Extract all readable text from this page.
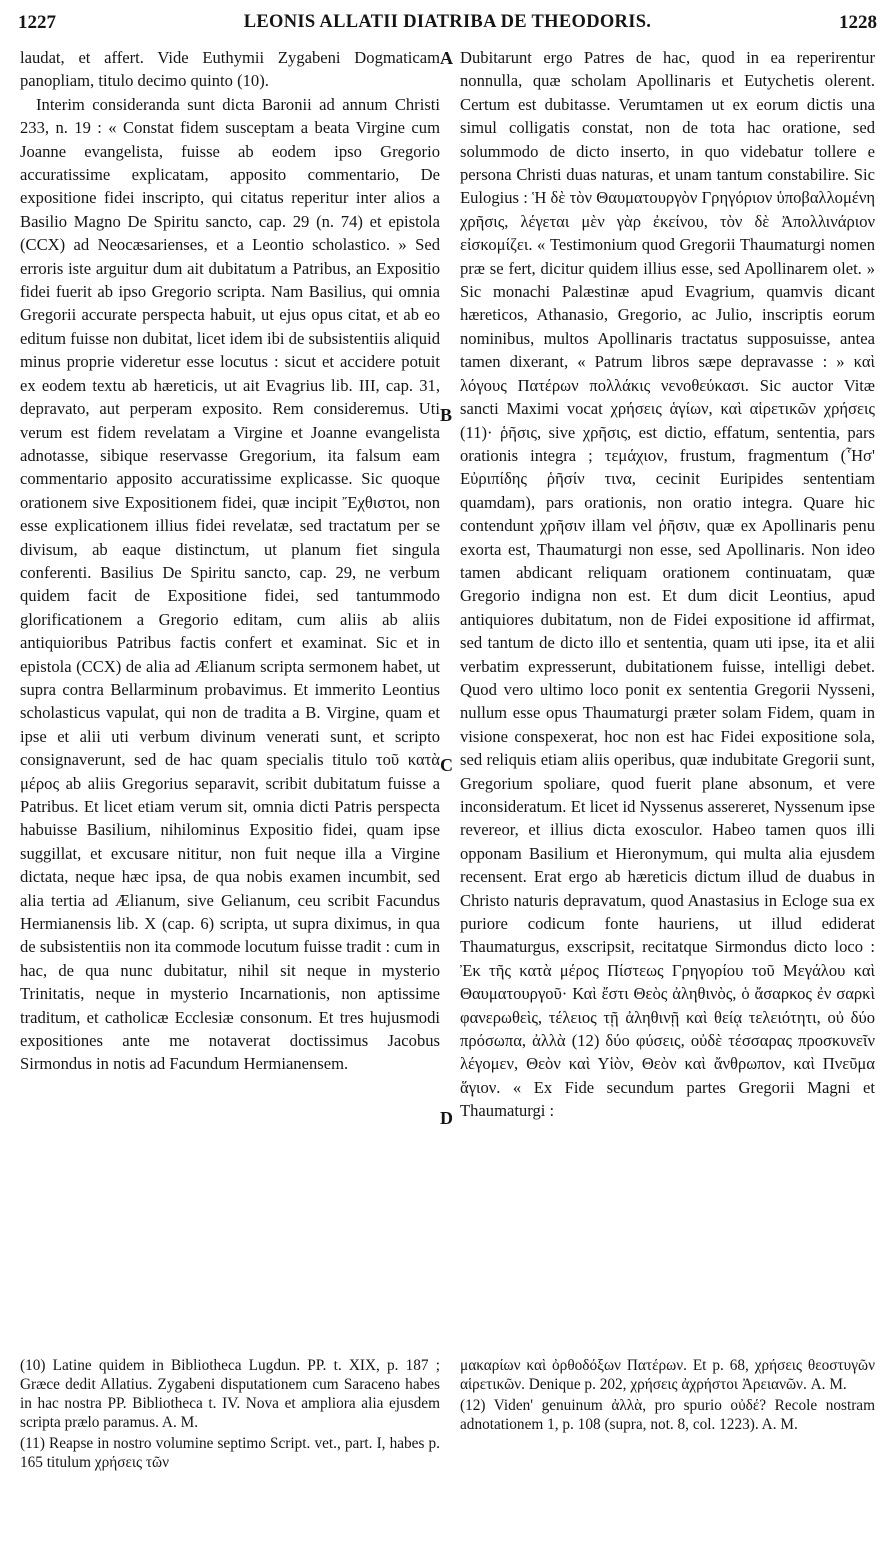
1227	LEONIS ALLATII DIATRIBA DE THEODORIS.	1228

laudat, et affert. Vide Euthymii Zygabeni Dogmaticam panopliam, titulo decimo quinto (10).

Interim consideranda sunt dicta Baronii ad annum Christi 233, n. 19 : « Constat fidem susceptam a beata Virgine cum Joanne evangelista, fuisse ab eodem ipso Gregorio accuratissime explicatam, apposito commentario, De expositione fidei inscripto, qui citatus reperitur inter alios a Basilio Magno De Spiritu sancto, cap. 29 (n. 74) et epistola (CCX) ad Neocæsarienses, et a Leontio scholastico. » Sed erroris iste arguitur dum ait dubitatum a Patribus, an Expositio fidei fuerit ab ipso Gregorio scripta. Nam Basilius, qui omnia Gregorii accurate perspecta habuit, ut ejus opus citat, et ab eo editum fuisse non dubitat, licet idem ibi de subsistentiis aliquid minus proprie videretur esse locutus : sicut et accidere potuit ex eodem textu ab hæreticis, ut ait Evagrius lib. III, cap. 31, depravato, aut perperam exposito. Rem consideremus. Uti verum est fidem revelatam a Virgine et Joanne evangelista adnotasse, sibique reservasse Gregorium, ita falsum eam commentario apposito accuratissime explicasse. Sic quoque orationem sive Expositionem fidei, quæ incipit Ἔχθιστοι, non esse explicationem illius fidei revelatæ, sed tractatum per se divisum, ab eaque distinctum, ut planum fiet singula conferenti. Basilius De Spiritu sancto, cap. 29, ne verbum quidem facit de Expositione fidei, sed tantummodo glorificationem a Gregorio editam, cum aliis ab aliis antiquioribus Patribus factis confert et examinat. Sic et in epistola (CCX) de alia ad Ælianum scripta sermonem habet, ut supra contra Bellarminum probavimus. Et immerito Leontius scholasticus vapulat, qui non de tradita a B. Virgine, quam et ipse et alii uti verbum divinum venerati sunt, et scripto consignaverunt, sed de hac quam specialis titulo τοῦ κατὰ μέρος ab aliis Gregorius separavit, scribit dubitatum fuisse a Patribus. Et licet etiam verum sit, omnia dicti Patris perspecta habuisse Basilium, nihilominus Expositio fidei, quam ipse suggillat, et excusare nititur, non fuit neque illa a Virgine dictata, neque hæc ipsa, de qua nobis examen incumbit, sed alia tertia ad Ælianum, sive Gelianum, ceu scribit Facundus Hermianensis lib. X (cap. 6) scripta, ut supra diximus, in qua de subsistentiis non ita commode locutum fuisse tradit : cum in hac, de qua nunc dubitatur, nihil sit neque in mysterio Trinitatis, neque in mysterio Incarnationis, non aptissime traditum, et catholicæ Ecclesiæ consonum. Et tres hujusmodi expositiones ante me notaverat doctissimus Jacobus Sirmondus in notis ad Facundum Hermianensem.

Dubitarunt ergo Patres de hac, quod in ea reperirentur nonnulla, quæ scholam Apollinaris et Eutychetis olerent. Certum est dubitasse. Verumtamen ut ex eorum dictis una simul colligatis constat, non de tota hac oratione, sed solummodo de dicto inserto, in quo videbatur tollere e persona Christi duas naturas, et unam tantum constabilire. Sic Eulogius : Ἡ δὲ τὸν Θαυματουργὸν Γρηγόριον ὑποβαλλομένη χρῆσις, λέγεται μὲν γὰρ ἐκείνου, τὸν δὲ Ἀπολλινάριον εἰσκομίζει. « Testimonium quod Gregorii Thaumaturgi nomen præ se fert, dicitur quidem illius esse, sed Apollinarem olet. » Sic monachi Palæstinæ apud Evagrium, quamvis dicant hæreticos, Athanasio, Gregorio, ac Julio, inscriptis eorum nominibus, multos Apollinaris tractatus supposuisse, antea tamen dixerant, « Patrum libros sæpe depravasse : » καὶ λόγους Πατέρων πολλάκις νενοθεύκασι. Sic auctor Vitæ sancti Maximi vocat χρήσεις ἁγίων, καὶ αἱρετικῶν χρήσεις (11)· ῥῆσις, sive χρῆσις, est dictio, effatum, sententia, pars orationis integra ; τεμάχιον, frustum, fragmentum (Ἧσ' Εὐριπίδης ῥῆσίν τινα, cecinit Euripides sententiam quamdam), pars orationis, non oratio integra. Quare hic contendunt χρῆσιν illam vel ῥῆσιν, quæ ex Apollinaris penu exorta est, Thaumaturgi non esse, sed Apollinaris. Non ideo tamen abdicant reliquam orationem continuatam, quæ Gregorio indigna non est. Et dum dicit Leontius, apud antiquiores dubitatum, non de Fidei expositione id affirmat, sed tantum de dicto illo et sententia, quam uti ipse, ita et alii verbatim expresserunt, dubitationem fuisse, intelligi debet. Quod vero ultimo loco ponit ex sententia Gregorii Nysseni, nullum esse opus Thaumaturgi præter solam Fidem, quam in visione conspexerat, hoc non est hac Fidei expositione sola, sed reliquis etiam aliis operibus, quæ indubitate Gregorii sunt, Gregorium spoliare, quod fuerit plane absonum, et vere inconsideratum. Et licet id Nyssenus assereret, Nyssenum ipse revereor, et illius dicta exosculor. Habeo tamen quos illi opponam Basilium et Hieronymum, qui multa alia ejusdem recensent. Erat ergo ab hæreticis dictum illud de duabus in Christo naturis depravatum, quod Anastasius in Ecloge sua ex puriore codicum fonte hauriens, ut illud ediderat Thaumaturgus, exscripsit, recitatque Sirmondus dicto loco : Ἐκ τῆς κατὰ μέρος Πίστεως Γρηγορίου τοῦ Μεγάλου καὶ Θαυματουργοῦ· Καὶ ἔστι Θεὸς ἀληθινὸς, ὁ ἄσαρκος ἐν σαρκὶ φανερωθεὶς, τέλειος τῇ ἀληθινῇ καὶ θείᾳ τελειότητι, οὐ δύο πρόσωπα, ἀλλὰ (12) δύο φύσεις, οὐδὲ τέσσαρας προσκυνεῖν λέγομεν, Θεὸν καὶ Υἱὸν, Θεὸν καὶ ἄνθρωπον, καὶ Πνεῦμα ἅγιον. « Ex Fide secundum partes Gregorii Magni et Thaumaturgi :

A
B
C
D

(10) Latine quidem in Bibliotheca Lugdun. PP. t. XIX, p. 187 ; Græce dedit Allatius. Zygabeni disputationem cum Saraceno habes in hac nostra PP. Bibliotheca t. IV. Nova et ampliora alia ejusdem scripta prælo paramus. A. M.

(11) Reapse in nostro volumine septimo Script. vet., part. I, habes p. 165 titulum χρήσεις τῶν

μακαρίων καὶ ὀρθοδόξων Πατέρων. Et p. 68, χρήσεις θεοστυγῶν αἱρετικῶν. Denique p. 202, χρήσεις ἀχρήστοι Ἀρειανῶν. A. M.

(12) Viden' genuinum ἀλλὰ, pro spurio οὐδέ? Recole nostram adnotationem 1, p. 108 (supra, not. 8, col. 1223). A. M.
